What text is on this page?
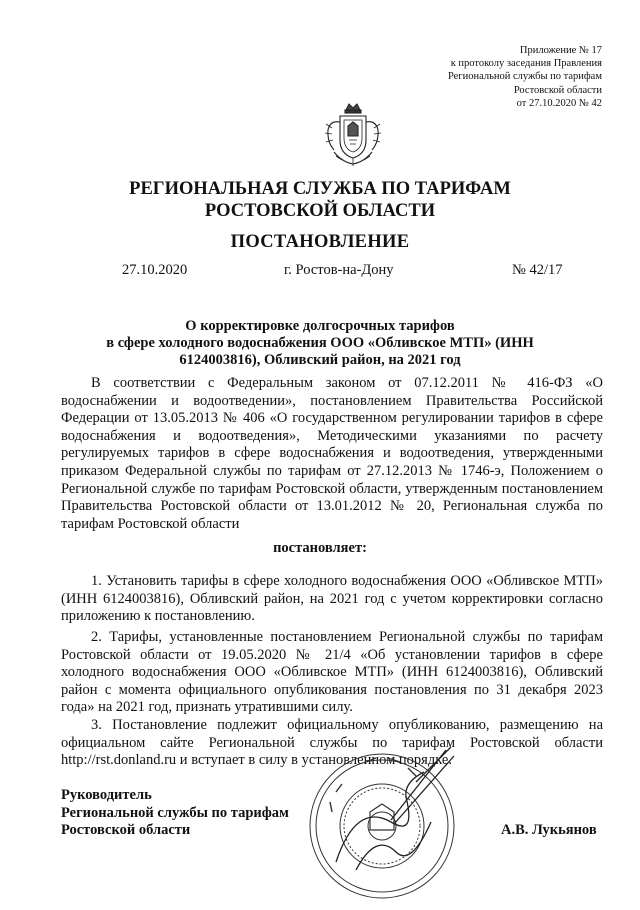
Приложение № 17
к протоколу заседания Правления
Региональной службы по тарифам
Ростовской области
от 27.10.2020 № 42
РЕГИОНАЛЬНАЯ СЛУЖБА ПО ТАРИФАМ
РОСТОВСКОЙ ОБЛАСТИ
ПОСТАНОВЛЕНИЕ
27.10.2020	г. Ростов-на-Дону	№ 42/17
О корректировке долгосрочных тарифов
в сфере холодного водоснабжения ООО «Обливское МТП» (ИНН
6124003816), Обливский район, на 2021 год

В соответствии с Федеральным законом от 07.12.2011 № 416-ФЗ «О водоснабжении и водоотведении», постановлением Правительства Российской Федерации от 13.05.2013 № 406 «О государственном регулировании тарифов в сфере водоснабжения и водоотведения», Методическими указаниями по расчету регулируемых тарифов в сфере водоснабжения и водоотведения, утвержденными приказом Федеральной службы по тарифам от 27.12.2013 № 1746-э, Положением о Региональной службе по тарифам Ростовской области, утвержденным постановлением Правительства Ростовской области от 13.01.2012 № 20, Региональная служба по тарифам Ростовской области

постановляет:

1. Установить тарифы в сфере холодного водоснабжения ООО «Обливское МТП» (ИНН 6124003816), Обливский район, на 2021 год с учетом корректировки согласно приложению к постановлению.

2. Тарифы, установленные постановлением Региональной службы по тарифам Ростовской области от 19.05.2020 № 21/4 «Об установлении тарифов в сфере холодного водоснабжения ООО «Обливское МТП» (ИНН 6124003816), Обливский район с момента официального опубликования постановления по 31 декабря 2023 года» на 2021 год, признать утратившими силу.

3. Постановление подлежит официальному опубликованию, размещению на официальном сайте Региональной службы по тарифам Ростовской области http://rst.donland.ru и вступает в силу в установленном порядке.

Руководитель
Региональной службы по тарифам
Ростовской области	А.В. Лукьянов
